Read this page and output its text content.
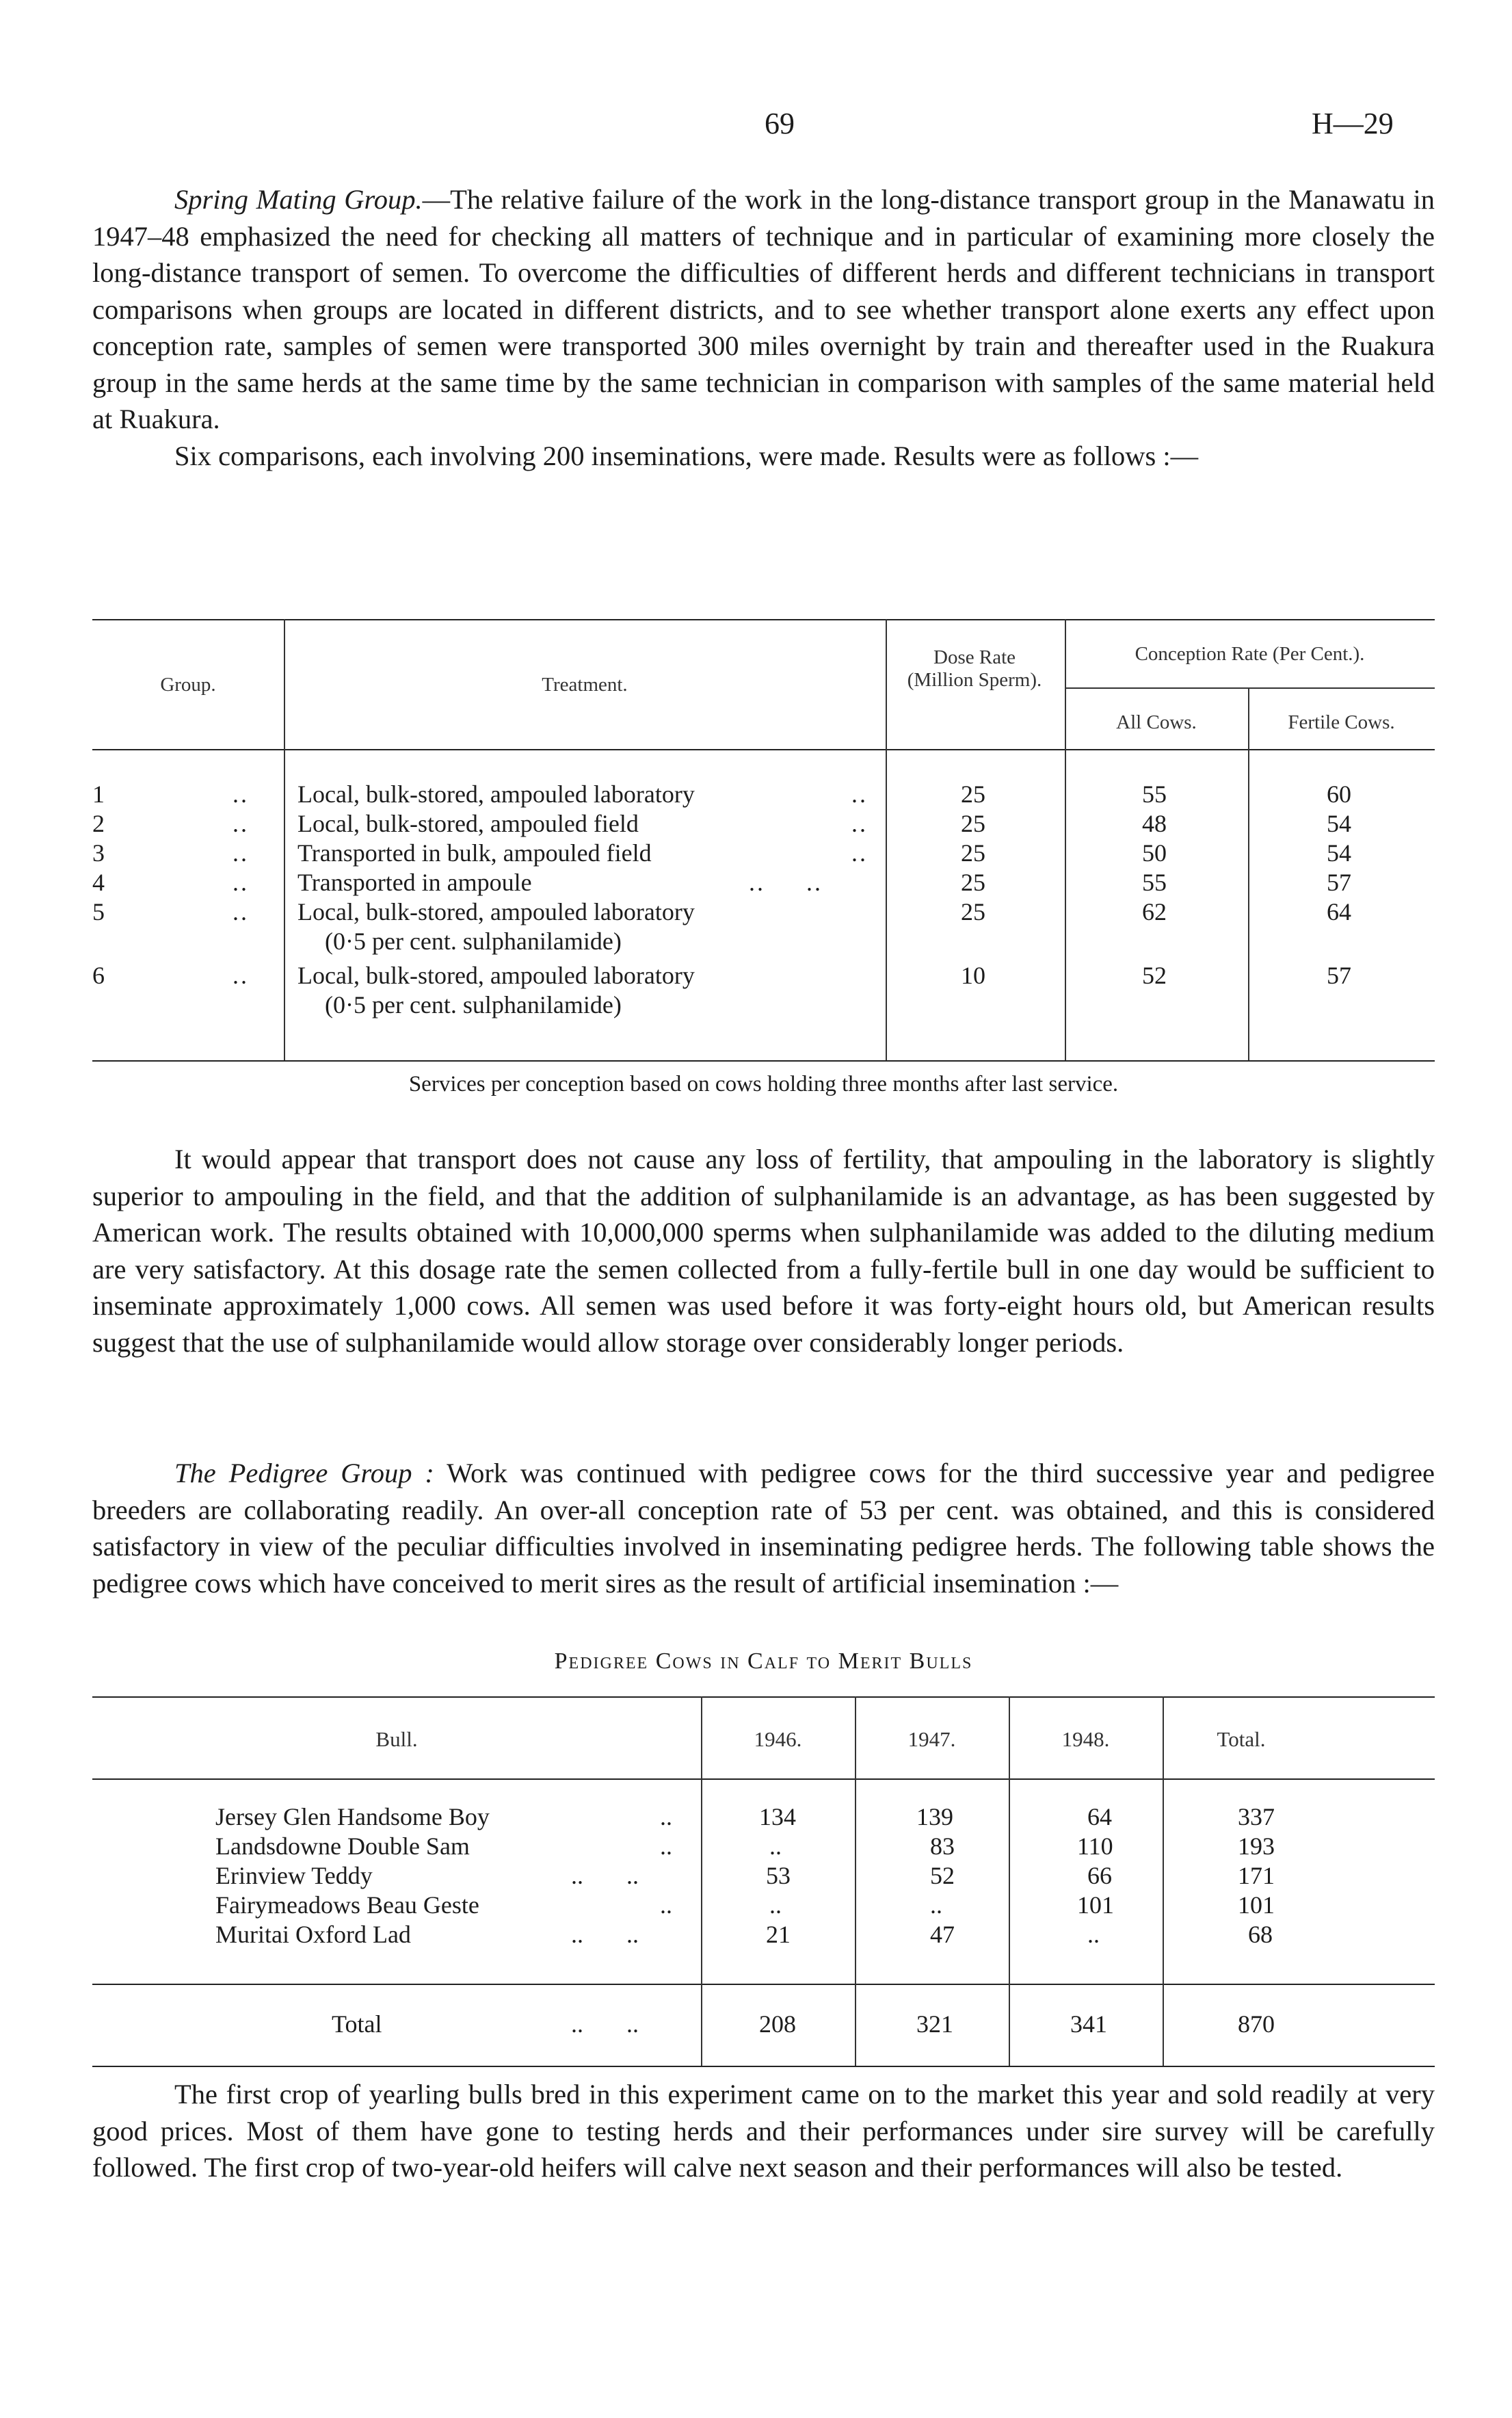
69	H—29

Spring Mating Group.—The relative failure of the work in the long-distance transport group in the Manawatu in 1947–48 emphasized the need for checking all matters of technique and in particular of examining more closely the long-distance transport of semen. To overcome the difficulties of different herds and different technicians in transport comparisons when groups are located in different districts, and to see whether transport alone exerts any effect upon conception rate, samples of semen were transported 300 miles overnight by train and thereafter used in the Ruakura group in the same herds at the same time by the same technician in comparison with samples of the same material held at Ruakura.

Six comparisons, each involving 200 inseminations, were made. Results were as follows :—

Group.	Treatment.
Dose Rate (Million Sperm).
Conception Rate (Per Cent.).
All Cows.	Fertile Cows.
1	.. Local, bulk-stored, ampouled laboratory	..	25	55	60
2	.. Local, bulk-stored, ampouled field	..	25	48	54
3	.. Transported in bulk, ampouled field	..	25	50	54
4	.. Transported in ampoule	..     ..	25	55	57
5	.. Local, bulk-stored, ampouled laboratory	25	62	64
(0·5 per cent. sulphanilamide)
6	.. Local, bulk-stored, ampouled laboratory	10	52	57
(0·5 per cent. sulphanilamide)
Services per conception based on cows holding three months after last service.

It would appear that transport does not cause any loss of fertility, that ampouling in the laboratory is slightly superior to ampouling in the field, and that the addition of sulphanilamide is an advantage, as has been suggested by American work. The results obtained with 10,000,000 sperms when sulphanilamide was added to the diluting medium are very satisfactory. At this dosage rate the semen collected from a fully-fertile bull in one day would be sufficient to inseminate approximately 1,000 cows. All semen was used before it was forty-eight hours old, but American results suggest that the use of sulphanilamide would allow storage over considerably longer periods.

The Pedigree Group : Work was continued with pedigree cows for the third successive year and pedigree breeders are collaborating readily. An over-all conception rate of 53 per cent. was obtained, and this is considered satisfactory in view of the peculiar difficulties involved in inseminating pedigree herds. The following table shows the pedigree cows which have conceived to merit sires as the result of artificial insemination :—

Pedigree Cows in Calf to Merit Bulls
Bull.	1946.	1947.	1948.	Total.
Jersey Glen Handsome Boy	..	134	139	64	337
Landsdowne Double Sam	..	..	83	110	193
Erinview Teddy	..       ..	53	52	66	171
Fairymeadows Beau Geste	..	..	..	101	101
Muritai Oxford Lad	..       ..	21	47	..	68
Total	..       ..	208	321	341	870

The first crop of yearling bulls bred in this experiment came on to the market this year and sold readily at very good prices. Most of them have gone to testing herds and their performances under sire survey will be carefully followed. The first crop of two-year-old heifers will calve next season and their performances will also be tested.
